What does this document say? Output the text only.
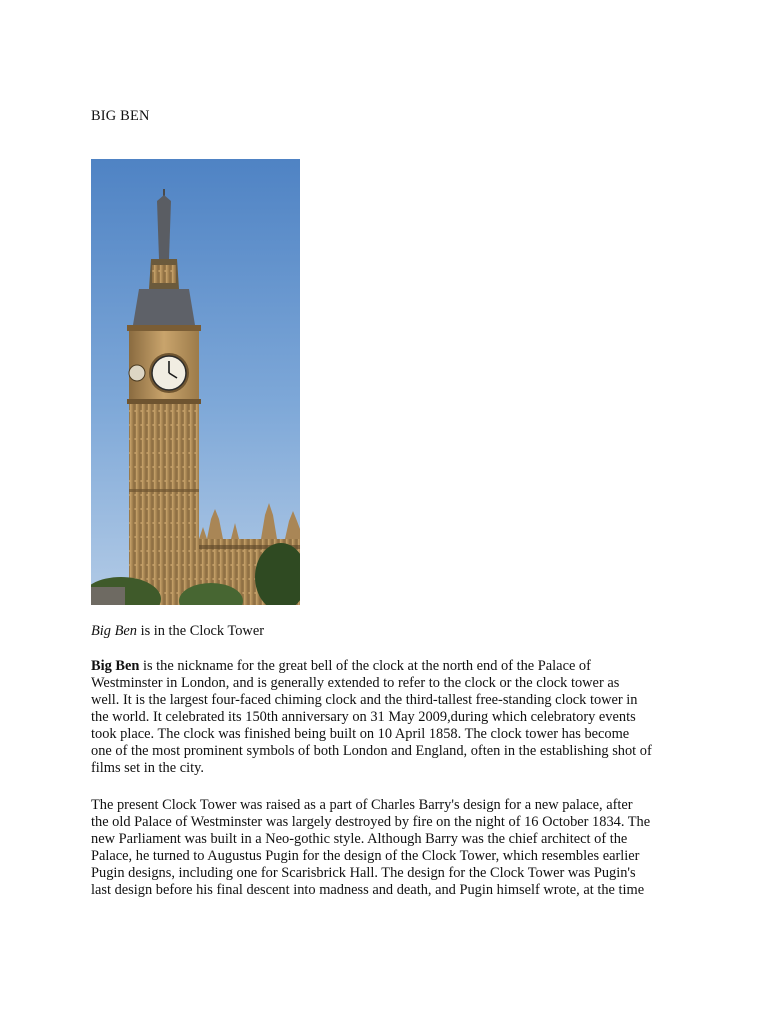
BIG BEN

Big Ben is in the Clock Tower

Big Ben is the nickname for the great bell of the clock at the north end of the Palace of
Westminster in London, and is generally extended to refer to the clock or the clock tower as
well. It is the largest four-faced chiming clock and the third-tallest free-standing clock tower in
the world. It celebrated its 150th anniversary on 31 May 2009,during which celebratory events
took place. The clock was finished being built on 10 April 1858. The clock tower has become
one of the most prominent symbols of both London and England, often in the establishing shot of
films set in the city.
The present Clock Tower was raised as a part of Charles Barry's design for a new palace, after
the old Palace of Westminster was largely destroyed by fire on the night of 16 October 1834. The
new Parliament was built in a Neo-gothic style. Although Barry was the chief architect of the
Palace, he turned to Augustus Pugin for the design of the Clock Tower, which resembles earlier
Pugin designs, including one for Scarisbrick Hall. The design for the Clock Tower was Pugin's
last design before his final descent into madness and death, and Pugin himself wrote, at the time
